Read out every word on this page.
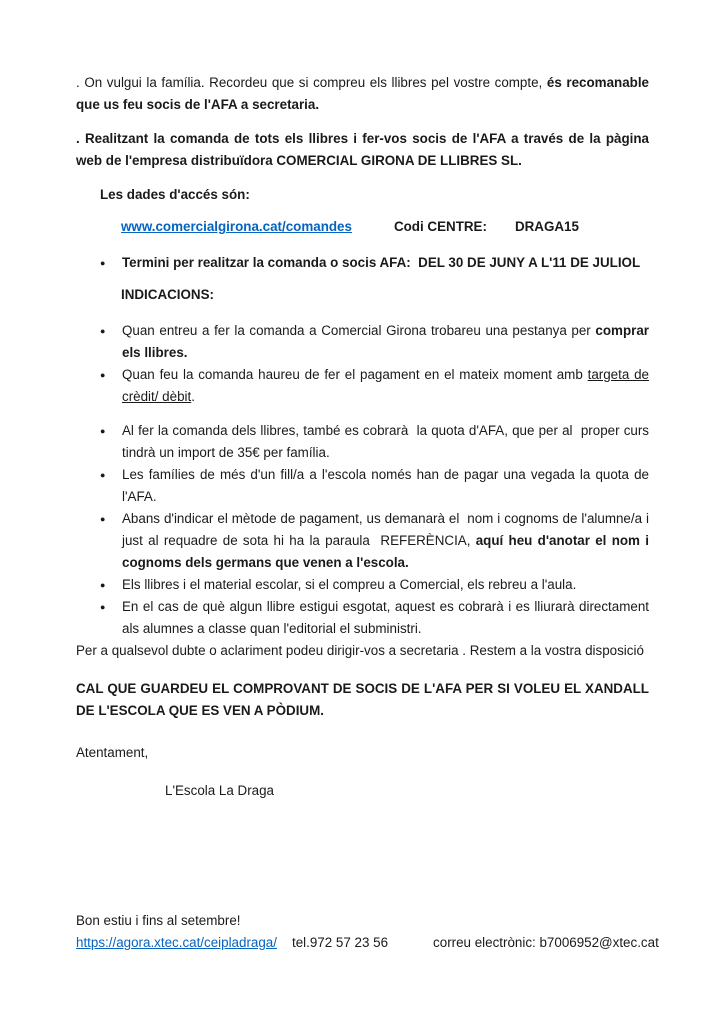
. On vulgui la família. Recordeu que si compreu els llibres pel vostre compte, és recomanable que us feu socis de l'AFA a secretaria.

. Realitzant la comanda de tots els llibres i fer-vos socis de l'AFA a través de la pàgina web de l'empresa distribuïdora COMERCIAL GIRONA DE LLIBRES SL.

Les dades d'accés són:

www.comercialgirona.cat/comandes	Codi CENTRE: DRAGA15

●	Termini per realitzar la comanda o socis AFA:  DEL 30 DE JUNY A L'11 DE JULIOL

INDICACIONS:

●	Quan entreu a fer la comanda a Comercial Girona trobareu una pestanya per comprar els llibres.

●	Quan feu la comanda haureu de fer el pagament en el mateix moment amb targeta de crèdit/ dèbit.

●	Al fer la comanda dels llibres, també es cobrarà  la quota d'AFA, que per al  proper curs tindrà un import de 35€ per família.

●	Les famílies de més d'un fill/a a l'escola només han de pagar una vegada la quota de l'AFA.

●	Abans d'indicar el mètode de pagament, us demanarà el  nom i cognoms de l'alumne/a i just al requadre de sota hi ha la paraula  REFERÈNCIA, aquí heu d'anotar el nom i cognoms dels germans que venen a l'escola.

●	Els llibres i el material escolar, si el compreu a Comercial, els rebreu a l'aula.

●	En el cas de què algun llibre estigui esgotat, aquest es cobrarà i es lliurarà directament als alumnes a classe quan l'editorial el subministri.

Per a qualsevol dubte o aclariment podeu dirigir-vos a secretaria . Restem a la vostra disposició

CAL QUE GUARDEU EL COMPROVANT DE SOCIS DE L'AFA PER SI VOLEU EL XANDALL DE L'ESCOLA QUE ES VEN A PÒDIUM.

Atentament,

L'Escola La Draga

Bon estiu i fins al setembre!

https://agora.xtec.cat/ceipladraga/ tel.972 57 23 56	correu electrònic: b7006952@xtec.cat
